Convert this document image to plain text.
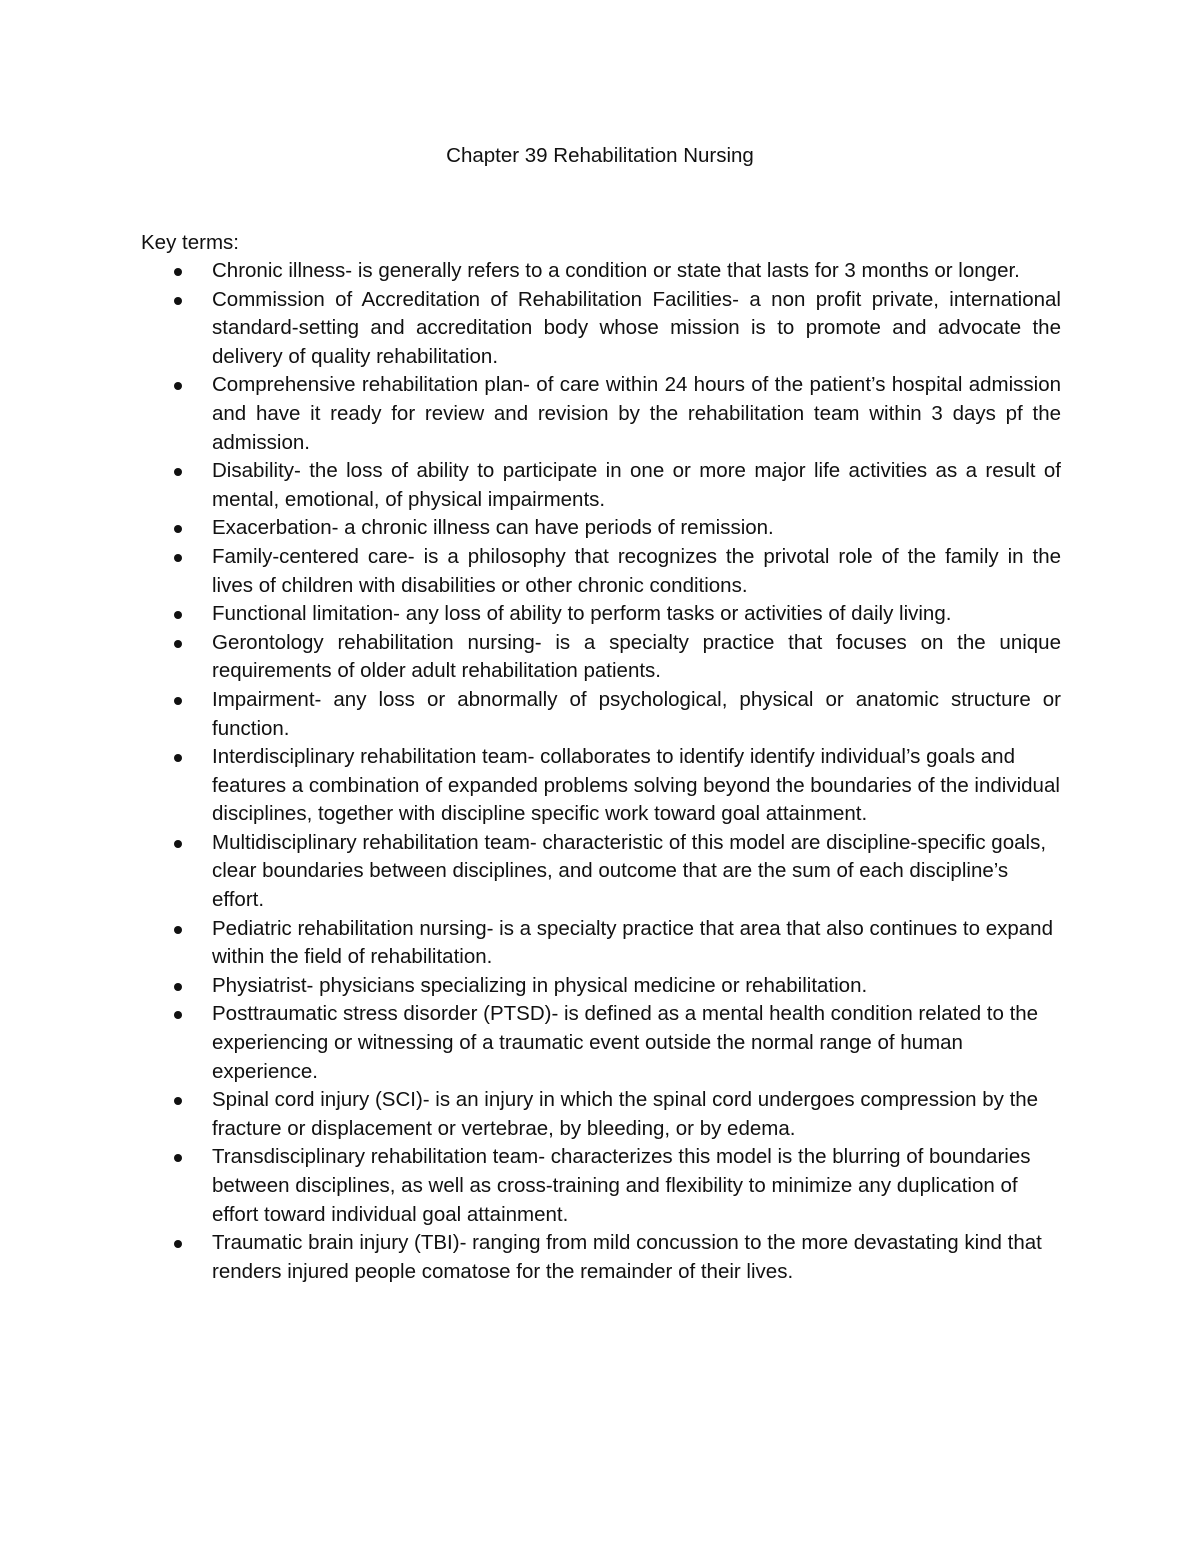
Chapter 39 Rehabilitation Nursing

Key terms:

Chronic illness- is generally refers to a condition or state that lasts for 3 months or longer.
Commission of Accreditation of Rehabilitation Facilities- a non profit private, international standard-setting and accreditation body whose mission is to promote and advocate the delivery of quality rehabilitation.
Comprehensive rehabilitation plan- of care within 24 hours of the patient’s hospital admission and have it ready for review and revision by the rehabilitation team within 3 days pf the admission.
Disability- the loss of ability to participate in one or more major life activities as a result of mental, emotional, of physical impairments.
Exacerbation- a chronic illness can have periods of remission.
Family-centered care- is a philosophy that recognizes the privotal role of the family in the lives of children with disabilities or other chronic conditions.
Functional limitation- any loss of ability to perform tasks or activities of daily living.
Gerontology rehabilitation nursing- is a specialty practice that focuses on the unique requirements of older adult rehabilitation patients.
Impairment- any loss or abnormally of psychological, physical or anatomic structure or function.
Interdisciplinary rehabilitation team- collaborates to identify identify individual’s goals and features a combination of expanded problems solving beyond the boundaries of the individual disciplines, together with discipline specific work toward goal attainment.
Multidisciplinary rehabilitation team- characteristic of this model are discipline-specific goals, clear boundaries between disciplines, and outcome that are the sum of each discipline’s effort.
Pediatric rehabilitation nursing- is a specialty practice that area that also continues to expand within the field of rehabilitation.
Physiatrist- physicians specializing in physical medicine or rehabilitation.
Posttraumatic stress disorder (PTSD)- is defined as a mental health condition related to the experiencing or witnessing of a traumatic event outside the normal range of human experience.
Spinal cord injury (SCI)- is an injury in which the spinal cord undergoes compression by the fracture or displacement or vertebrae, by bleeding, or by edema.
Transdisciplinary rehabilitation team- characterizes this model is the blurring of boundaries between disciplines, as well as cross-training and flexibility to minimize any duplication of effort toward individual goal attainment.
Traumatic brain injury (TBI)- ranging from mild concussion to the more devastating kind that renders injured people comatose for the remainder of their lives.
